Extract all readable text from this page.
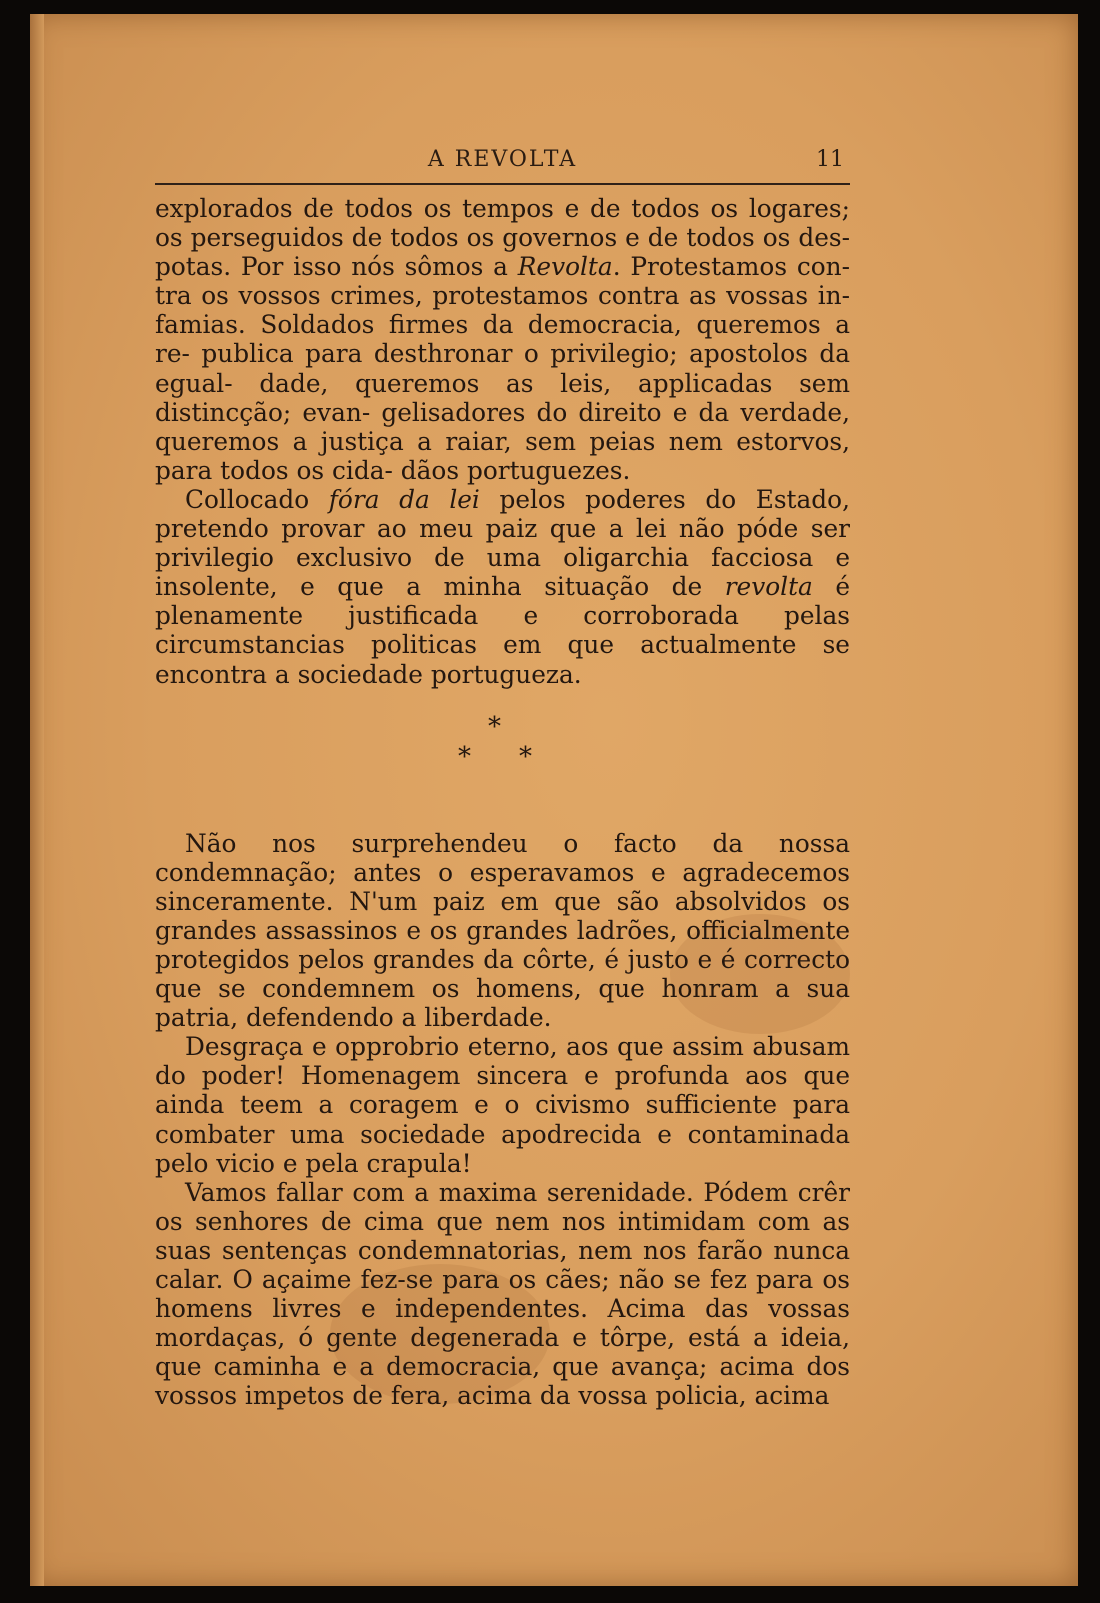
A REVOLTA	11

explorados de todos os tempos e de todos os logares; os perseguidos de todos os governos e de todos os des- potas. Por isso nós sômos a Revolta. Protestamos con- tra os vossos crimes, protestamos contra as vossas in- famias. Soldados firmes da democracia, queremos a re- publica para desthronar o privilegio; apostolos da egual- dade, queremos as leis, applicadas sem distincção; evan- gelisadores do direito e da verdade, queremos a justiça a raiar, sem peias nem estorvos, para todos os cida- dãos portuguezes.

Collocado fóra da lei pelos poderes do Estado, pretendo provar ao meu paiz que a lei não póde ser privilegio exclusivo de uma oligarchia facciosa e insolente, e que a minha situação de revolta é plenamente justificada e corroborada pelas circumstancias politicas em que actualmente se encontra a sociedade portugueza.

*
* *

Não nos surprehendeu o facto da nossa condemnação; antes o esperavamos e agradecemos sinceramente. N'um paiz em que são absolvidos os grandes assassinos e os grandes ladrões, officialmente protegidos pelos grandes da côrte, é justo e é correcto que se condemnem os homens, que honram a sua patria, defendendo a liberdade.

Desgraça e opprobrio eterno, aos que assim abusam do poder! Homenagem sincera e profunda aos que ainda teem a coragem e o civismo sufficiente para combater uma sociedade apodrecida e contaminada pelo vicio e pela crapula!

Vamos fallar com a maxima serenidade. Pódem crêr os senhores de cima que nem nos intimidam com as suas sentenças condemnatorias, nem nos farão nunca calar. O açaime fez-se para os cães; não se fez para os homens livres e independentes. Acima das vossas mordaças, ó gente degenerada e tôrpe, está a ideia, que caminha e a democracia, que avança; acima dos vossos impetos de fera, acima da vossa policia, acima
